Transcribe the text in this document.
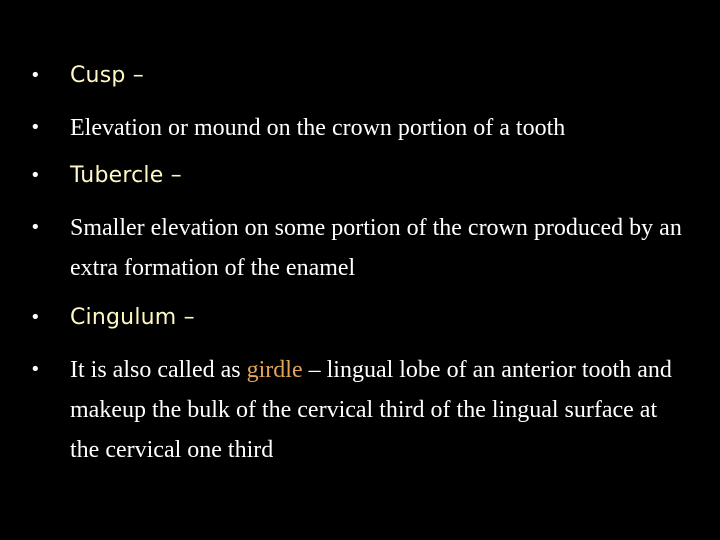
•	Cusp –
•	Elevation or mound on the crown portion of a tooth
•	Tubercle –
•	Smaller elevation on some portion of the crown produced by an extra formation of the enamel
•	Cingulum –
•	It is also called as girdle – lingual lobe of an anterior tooth and makeup the bulk of the cervical third of the lingual surface at the cervical one third
